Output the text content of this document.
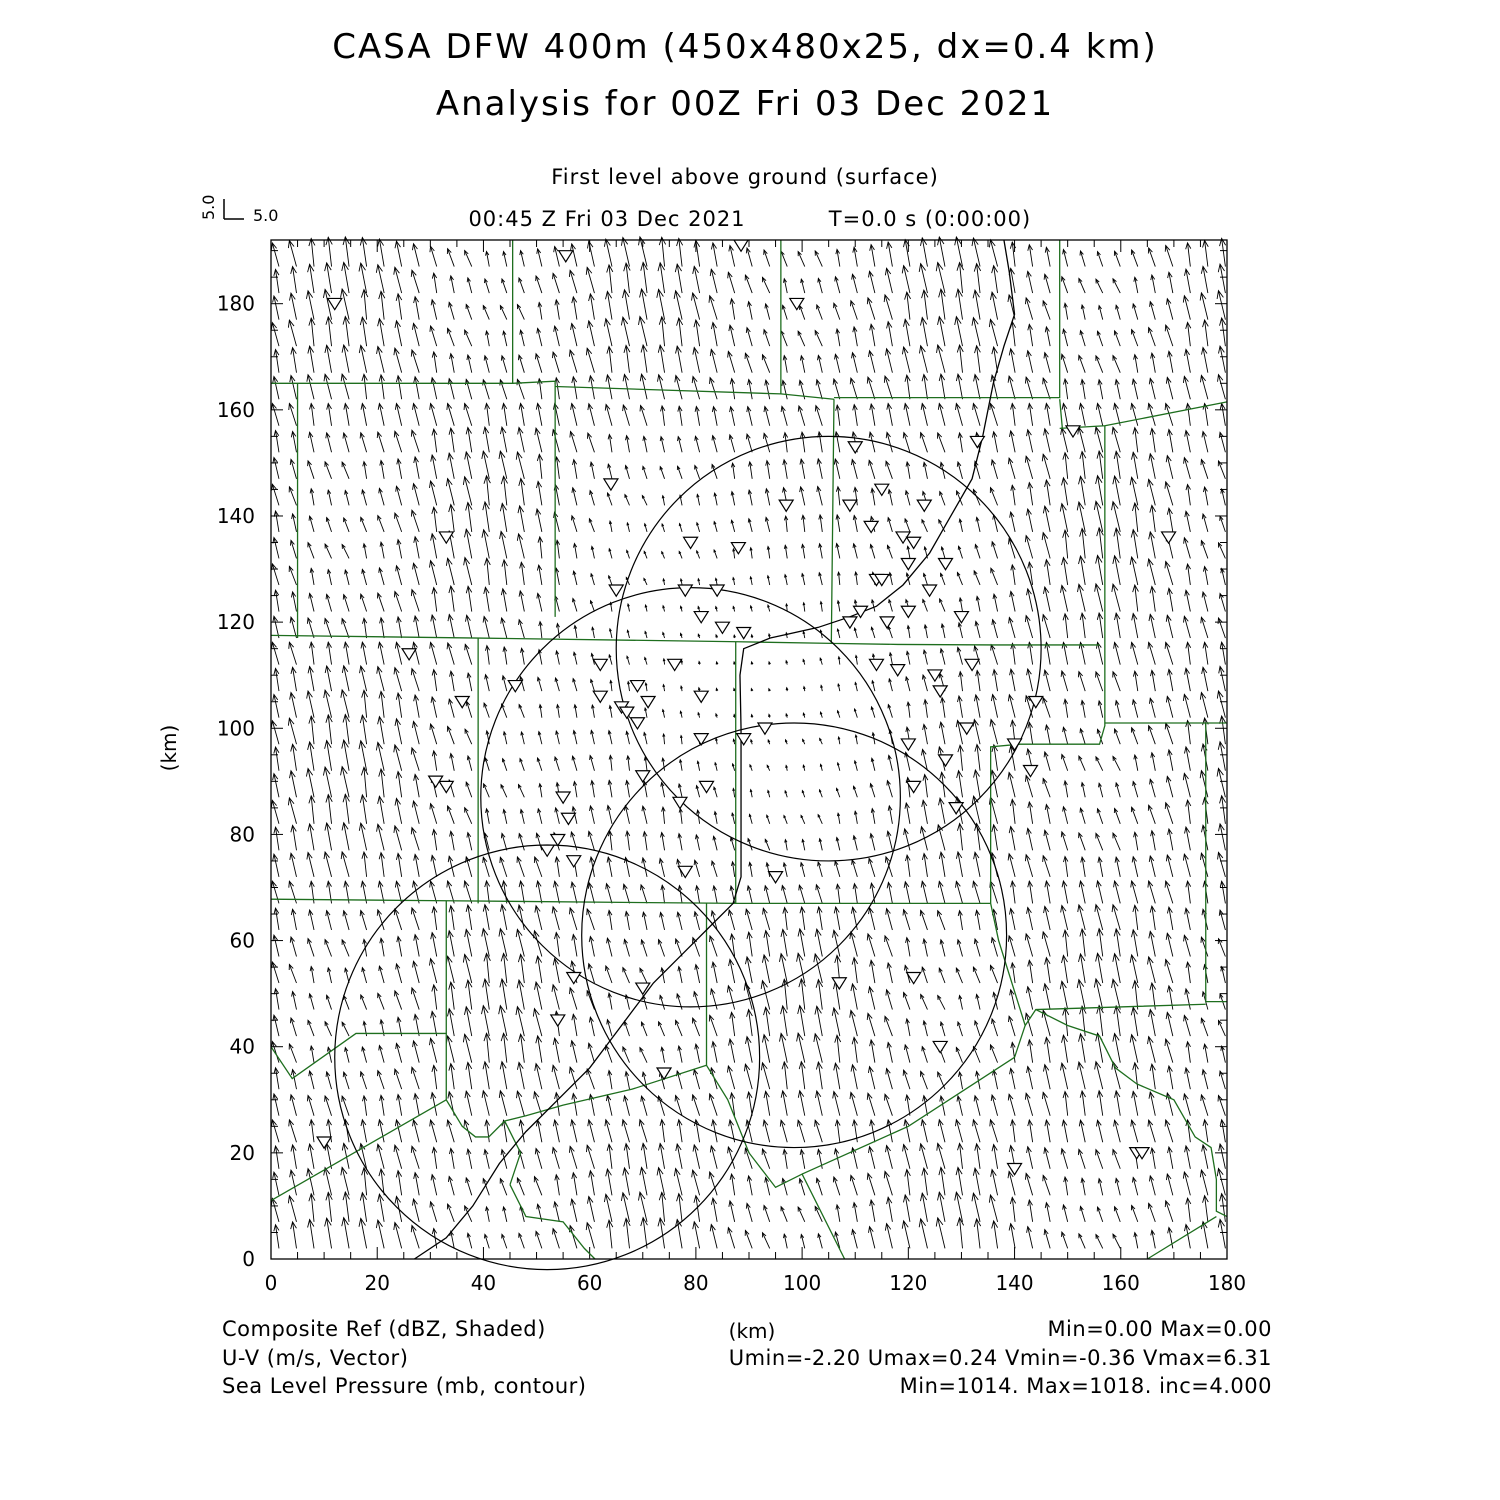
CASA DFW 400m (450x480x25, dx=0.4 km)
Analysis for 00Z Fri 03 Dec 2021
First level above ground (surface)
00:45 Z Fri 03 Dec 2021	T=0.0 s (0:00:00)
5.0
5.0
0	20	40	60	80	100	120	140	160	180
0
20
40
60
80
100
120
140
160
180
(km)
(km)
Composite Ref (dBZ, Shaded)	Min=0.00 Max=0.00
U-V (m/s, Vector)	Umin=-2.20 Umax=0.24 Vmin=-0.36 Vmax=6.31
Sea Level Pressure (mb, contour)	Min=1014. Max=1018. inc=4.000
